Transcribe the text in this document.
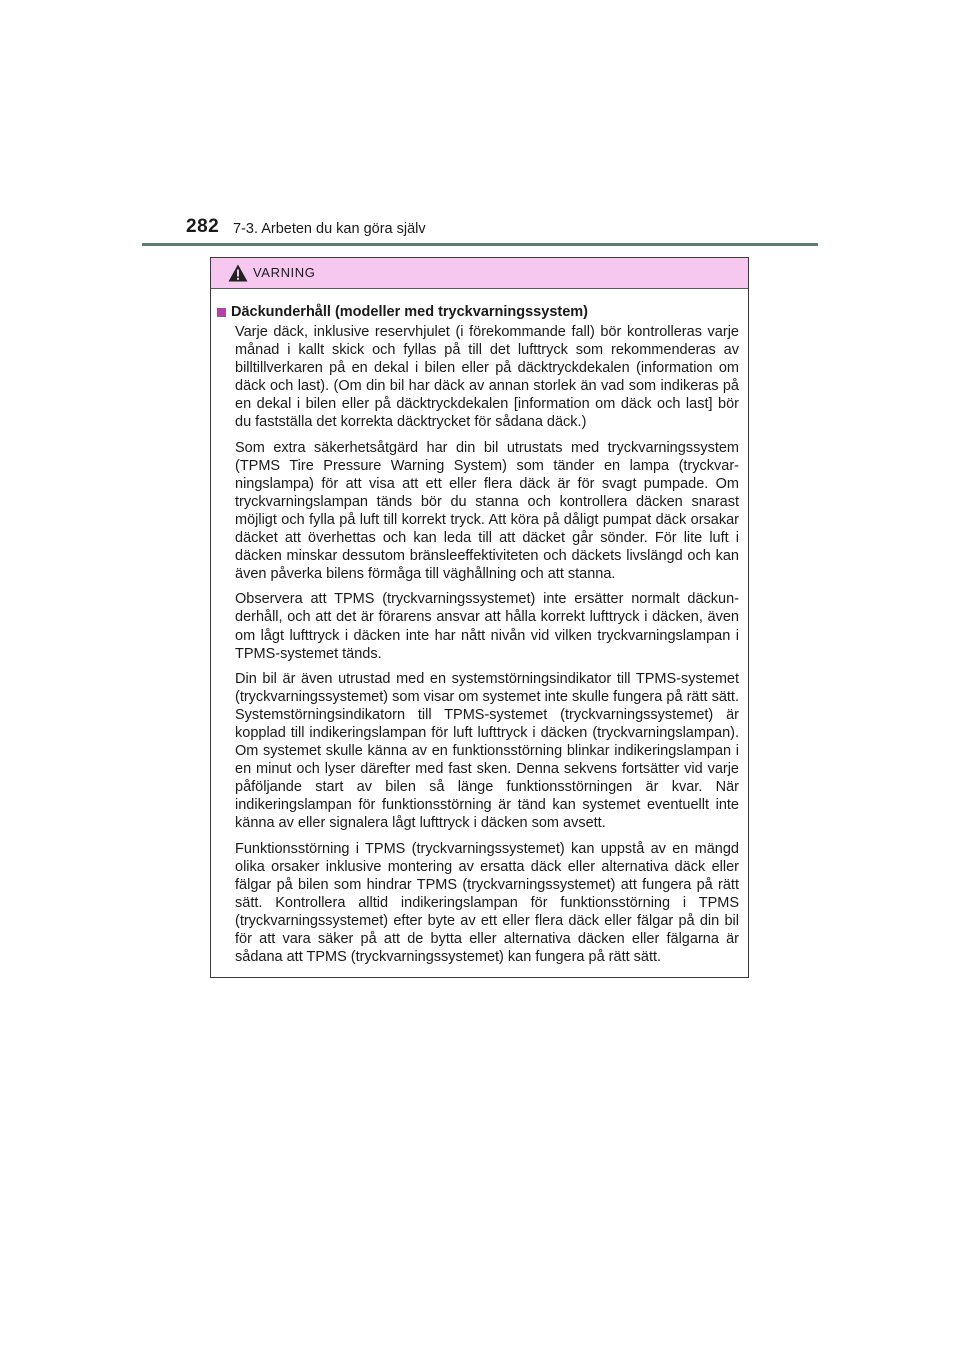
282 7-3. Arbeten du kan göra själv
VARNING
Däckunderhåll (modeller med tryckvarningssystem)

Varje däck, inklusive reservhjulet (i förekommande fall) bör kontrolleras varje månad i kallt skick och fyllas på till det lufttryck som rekommenderas av billtillverkaren på en dekal i bilen eller på däcktryckdekalen (information om däck och last). (Om din bil har däck av annan storlek än vad som indikeras på en dekal i bilen eller på däcktryckdekalen [information om däck och last] bör du fastställa det korrekta däcktrycket för sådana däck.)

Som extra säkerhetsåtgärd har din bil utrustats med tryckvarningssystem (TPMS Tire Pressure Warning System) som tänder en lampa (tryckvarningslampa) för att visa att ett eller flera däck är för svagt pumpade. Om tryckvarningslampan tänds bör du stanna och kontrollera däcken snarast möjligt och fylla på luft till korrekt tryck. Att köra på dåligt pumpat däck orsakar däcket att överhettas och kan leda till att däcket går sönder. För lite luft i däcken minskar dessutom bränsleeffektiviteten och däckets livslängd och kan även påverka bilens förmåga till väghållning och att stanna.

Observera att TPMS (tryckvarningssystemet) inte ersätter normalt däckunderhåll, och att det är förarens ansvar att hålla korrekt lufttryck i däcken, även om lågt lufttryck i däcken inte har nått nivån vid vilken tryckvarningslampan i TPMS-systemet tänds.

Din bil är även utrustad med en systemstörningsindikator till TPMS-systemet (tryckvarningssystemet) som visar om systemet inte skulle fungera på rätt sätt. Systemstörningsindikatorn till TPMS-systemet (tryckvarningssystemet) är kopplad till indikeringslampan för luft lufttryck i däcken (tryckvarningslampan). Om systemet skulle känna av en funktionsstörning blinkar indikeringslampan i en minut och lyser därefter med fast sken. Denna sekvens fortsätter vid varje påföljande start av bilen så länge funktionsstörningen är kvar. När indikeringslampan för funktionsstörning är tänd kan systemet eventuellt inte känna av eller signalera lågt lufttryck i däcken som avsett.

Funktionsstörning i TPMS (tryckvarningssystemet) kan uppstå av en mängd olika orsaker inklusive montering av ersatta däck eller alternativa däck eller fälgar på bilen som hindrar TPMS (tryckvarningssystemet) att fungera på rätt sätt. Kontrollera alltid indikeringslampan för funktionsstörning i TPMS (tryckvarningssystemet) efter byte av ett eller flera däck eller fälgar på din bil för att vara säker på att de bytta eller alternativa däcken eller fälgarna är sådana att TPMS (tryckvarningssystemet) kan fungera på rätt sätt.
